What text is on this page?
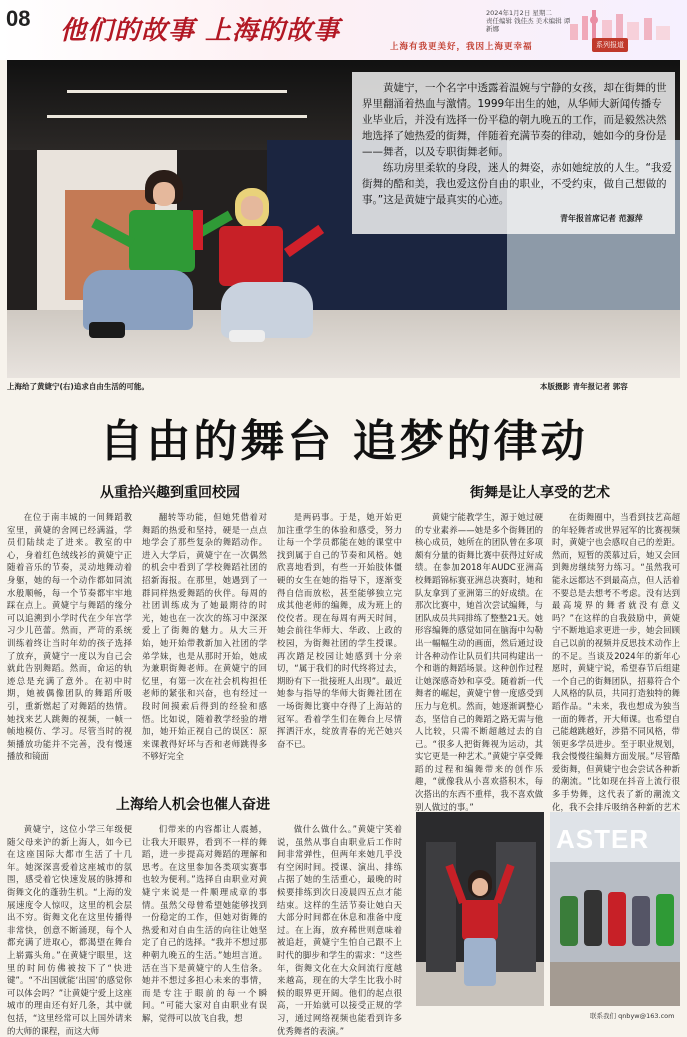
08 他们的故事 上海的故事
2024年1月2日 星期二
责任编辑 钱佳杰 美术编辑 谭新娜
上海有我更美好，我因上海更幸福	系列报道

黄婕宁，一个名字中透露着温婉与宁静的女孩，却在街舞的世界里翻涌着热血与激情。1999年出生的她，从华师大新闻传播专业毕业后，并没有选择一份平稳的朝九晚五的工作，而是毅然决然地选择了她热爱的街舞，伴随着充满节奏的律动，她如今的身份是——舞者，以及专职街舞老师。

练功房里柔软的身段，迷人的舞姿，赤如她绽放的人生。“我爱街舞的酷和美，我也爱这份自由的职业，不受约束，做自己想做的事。”这是黄婕宁最真实的心迹。

青年报首席记者 范源萍
上海给了黄婕宁(右)追求自由生活的可能。	本版摄影 青年报记者 郭容
自由的舞台 追梦的律动
从重拾兴趣到重回校园

在位于南丰城的一间舞蹈教室里，黄婕的舍网已经满溢，学员们陆续走了进来。教室的中心，身着红色绒线衫的黄婕宁正随着音乐的节奏，灵动地舞动着身躯，她的每一个动作都如同流水般顺畅，每一个节奏都牢牢地踩在点上。黄婕宁与舞蹈的缘分可以追溯到小学时代在少年宫学习少儿芭蕾。然而，严苛的系统训练着终让当时年幼的孩子选择了放弃，黄婕宁一度以为自己会就此告别舞蹈。然而，命运的轨迹总是充满了意外。在初中时期，她被偶像团队的舞蹈所吸引，重新燃起了对舞蹈的热情。她找来艺人跳舞的视频，一帧一帧地模仿、学习。尽管当时的视频播放功能并不完善，没有慢速播放和镜面

翻转等功能，但她凭借着对舞蹈的热爱和坚持，硬是一点点地学会了那些复杂的舞蹈动作。进入大学后，黄婕宁在一次偶然的机会中看到了学校舞蹈社团的招新海报。在那里，她遇到了一群同样热爱舞蹈的伙伴。每周的社团训练成为了她最期待的时光，她也在一次次的练习中深深爱上了街舞的魅力。从大三开始，她开始带教新加入社团的学弟学妹，也是从那时开始，她成为兼职街舞老师。在黄婕宁的回忆里，有第一次在社会机构担任老师的紧张和兴奋，也有经过一段时间摸索后得到的经验和感悟。比如说，随着教学经验的增加，她开始正视自己的误区：原来课教得好坏与否和老师跳得多不够好完全

是两码事。于是，她开始更加注重学生的体验和感受，努力让每一个学员都能在她的课堂中找到属于自己的节奏和风格。她欣喜地看到，有些一开始肢体僵硬的女生在她的指导下，逐渐变得自信而放松，甚至能够独立完成其他老师的编舞，成为班上的佼佼者。现在每周有两天时间，她会前往华师大、华政、上政的校园，为街舞社团的学生授课。再次踏足校园让她感到十分亲切，“属于我们的时代终将过去，期盼有下一批接班人出现”。最近她参与指导的华师大街舞社团在一场街舞比赛中夺得了上海站的冠军。看着学生们在舞台上尽情挥洒汗水，绽放青春的光芒她兴奋不已。

上海给人机会也催人奋进

黄婕宁，这位小学三年级便随父母来沪的新上海人，如今已在这座国际大都市生活了十几年。她深深喜爱着这座城市的氛围，感受着它快速发展的脉搏和街舞文化的蓬勃生机。“上海的发展速度令人惊叹，这里的机会层出不穷。街舞文化在这里传播得非常快，创意不断涌现，每个人都充满了进取心，都渴望在舞台上崭露头角。”在黄婕宁眼里，这里的时间仿佛被按下了“快进键”。“不出国就能‘出国’的感觉你可以体会吗？”让黄婕宁爱上这座城市的理由还有好几条，其中就包括，“这里经常可以上国外请来的大师的课程，而这大师

们带来的内容都让人震撼，让我大开眼界，看到不一样的舞蹈，进一步提高对舞蹈的理解和思考。在这里参加各类项实赛事也较为便利。”选择自由职业对黄婕宁来说是一件顺理成章的事情。虽然父母曾希望她能够找到一份稳定的工作，但她对街舞的热爱和对自由生活的向往让她坚定了自己的选择。“我并不想过那种朝九晚五的生活。”她坦言道。活在当下是黄婕宁的人生信条。她并不想过多担心未来的事情，而是专注于眼前的每一个瞬间。“可能大家对自由职业有误解，觉得可以放飞自我，想

做什么做什么。”黄婕宁笑着说，虽然从事自由职业后工作时间非常弹性，但两年来她几乎没有空闲时间。授课、演出、排练占据了她的生活重心，最晚的时候要排练到次日凌晨四五点才能结束。这样的生活节奏让她白天大部分时间都在休息和准备中度过。在上海，放弃稀世则意味着被追赶，黄婕宁生怕自己跟不上时代的脚步和学生的需求：“这些年，街舞文化在大众间流行度越来越高，现在的大学生比我小时候的眼界更开阔。他们的起点很高，一开始就可以接受正规的学习，通过网络视频也能看到许多优秀舞者的表演。”

街舞是让人享受的艺术

黄婕宁能教学生，源于她过硬的专业素养——她是多个街舞团的核心成员，她所在的团队曾在多项颇有分量的街舞比赛中获得过好成绩。在参加2018年AUDC亚洲高校舞蹈锦标赛亚洲总决赛时，她和队友拿到了亚洲第三的好成绩。在那次比赛中，她首次尝试编舞，与团队成员共同排练了整整21天。她形容编舞的感觉如同在脑海中勾勒出一幅幅生动的画面，然后通过设计各种动作让队员们共同构建出一个和谐的舞蹈场景。这种创作过程让她深感奇妙和享受。随着新一代舞者的崛起，黄婕宁曾一度感受到压力与危机。然而，她逐渐调整心态，坚信自己的舞蹈之路无需与他人比较，只需不断超越过去的自己。“很多人把街舞视为运动，其实它更是一种艺术。”黄婕宁享受舞蹈的过程和编舞带来的创作乐趣，“就像我从小喜欢搭积木，每次搭出的东西不重样，我不喜欢做别人做过的事。”

在街舞圈中，当看到技艺高超的年轻舞者或世界冠军的比赛视频时，黄婕宁也会感叹自己的差距。然而，短暂的羡慕过后，她又会回到舞房继续努力练习。“虽然我可能永远都达不到最高点，但人活着不要总是去想考不考虑。没有达到最高境界的舞者就没有意义吗？”在这样的自我鼓励中，黄婕宁不断地追求更进一步，她会回顾自己以前的视频并反思技术动作上的不足。当谈及2024年的新年心愿时，黄婕宁说，希望春节后组建一个自己的街舞团队，招募符合个人风格的队员，共同打造独特的舞蹈作品。“未来，我也想成为独当一面的舞者，开大师课。也希望自己能越跳越好，涉猎不同风格，带领更多学员进步。至于职业规划，我会慢慢往编舞方面发展。”尽管酷爱街舞，但黄婕宁也会尝试各种新的潮流。“比如现在抖音上流行很多手势舞，这代表了新的潮流文化，我不会排斥吸纳各种新的艺术

ASTER
联系我们 qnbyw@163.com
